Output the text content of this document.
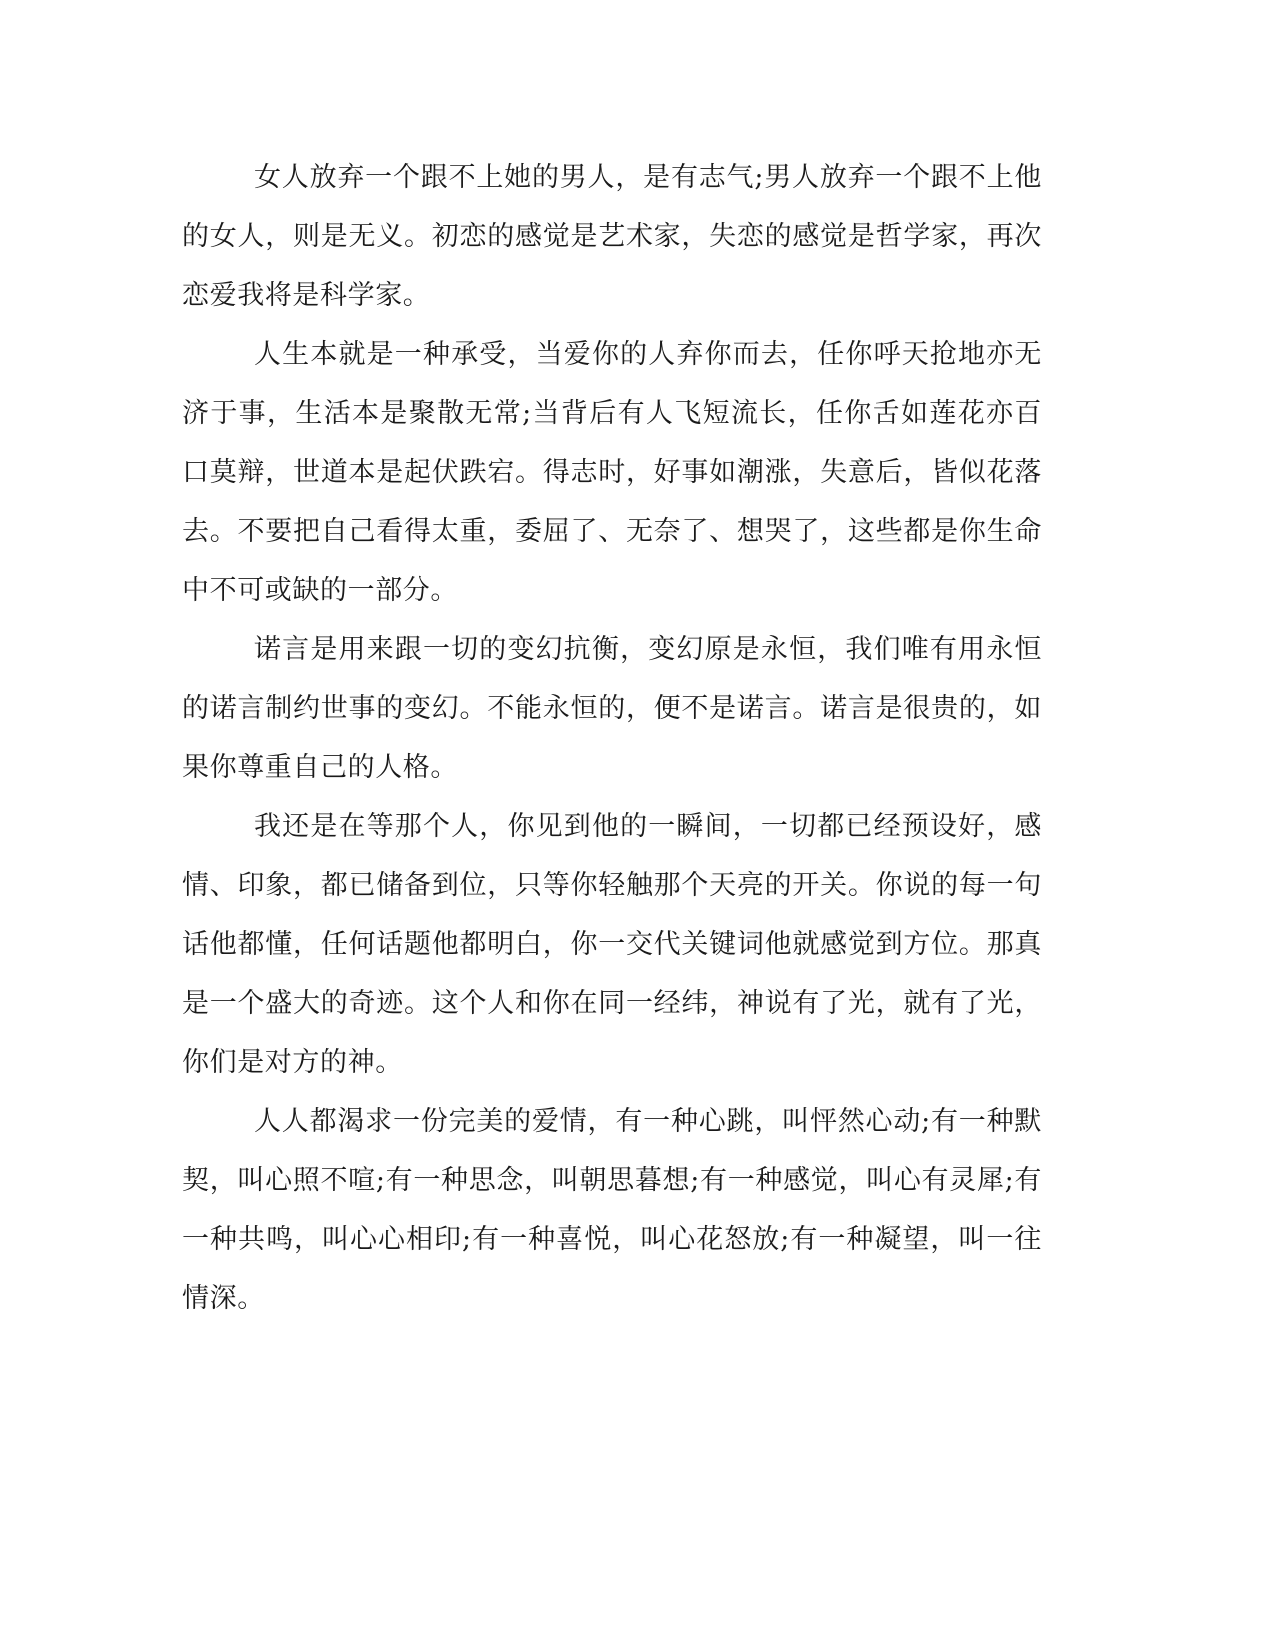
女人放弃一个跟不上她的男人，是有志气;男人放弃一个跟不上他的女人，则是无义。初恋的感觉是艺术家，失恋的感觉是哲学家，再次恋爱我将是科学家。

人生本就是一种承受，当爱你的人弃你而去，任你呼天抢地亦无济于事，生活本是聚散无常;当背后有人飞短流长，任你舌如莲花亦百口莫辩，世道本是起伏跌宕。得志时，好事如潮涨，失意后，皆似花落去。不要把自己看得太重，委屈了、无奈了、想哭了，这些都是你生命中不可或缺的一部分。

诺言是用来跟一切的变幻抗衡，变幻原是永恒，我们唯有用永恒的诺言制约世事的变幻。不能永恒的，便不是诺言。诺言是很贵的，如果你尊重自己的人格。

我还是在等那个人，你见到他的一瞬间，一切都已经预设好，感情、印象，都已储备到位，只等你轻触那个天亮的开关。你说的每一句话他都懂，任何话题他都明白，你一交代关键词他就感觉到方位。那真是一个盛大的奇迹。这个人和你在同一经纬，神说有了光，就有了光，你们是对方的神。

人人都渴求一份完美的爱情，有一种心跳，叫怦然心动;有一种默契，叫心照不喧;有一种思念，叫朝思暮想;有一种感觉，叫心有灵犀;有一种共鸣，叫心心相印;有一种喜悦，叫心花怒放;有一种凝望，叫一往情深。
